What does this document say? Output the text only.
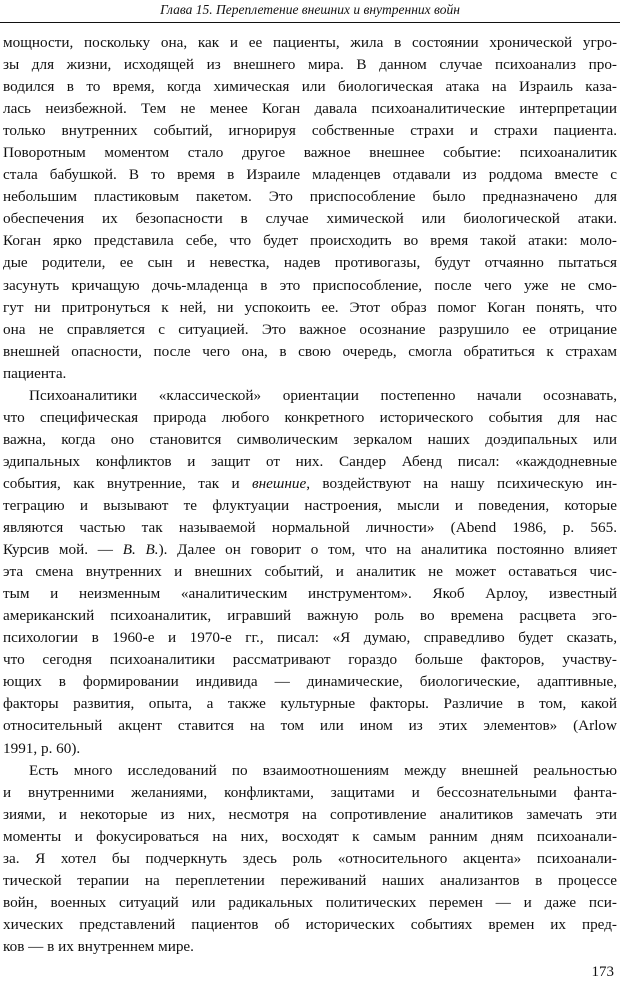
Глава 15. Переплетение внешних и внутренних войн
мощности, поскольку она, как и ее пациенты, жила в состоянии хронической угро-
зы для жизни, исходящей из внешнего мира. В данном случае психоанализ про-
водился в то время, когда химическая или биологическая атака на Израиль каза-
лась неизбежной. Тем не менее Коган давала психоаналитические интерпретации
только внутренних событий, игнорируя собственные страхи и страхи пациента.
Поворотным моментом стало другое важное внешнее событие: психоаналитик
стала бабушкой. В то время в Израиле младенцев отдавали из роддома вместе с
небольшим пластиковым пакетом. Это приспособление было предназначено для
обеспечения их безопасности в случае химической или биологической атаки.
Коган ярко представила себе, что будет происходить во время такой атаки: моло-
дые родители, ее сын и невестка, надев противогазы, будут отчаянно пытаться
засунуть кричащую дочь-младенца в это приспособление, после чего уже не смо-
гут ни притронуться к ней, ни успокоить ее. Этот образ помог Коган понять, что
она не справляется с ситуацией. Это важное осознание разрушило ее отрицание
внешней опасности, после чего она, в свою очередь, смогла обратиться к страхам
пациента.
Психоаналитики «классической» ориентации постепенно начали осознавать,
что специфическая природа любого конкретного исторического события для нас
важна, когда оно становится символическим зеркалом наших доэдипальных или
эдипальных конфликтов и защит от них. Сандер Абенд писал: «каждодневные
события, как внутренние, так и внешние, воздействуют на нашу психическую ин-
теграцию и вызывают те флуктуации настроения, мысли и поведения, которые
являются частью так называемой нормальной личности» (Abend 1986, p. 565.
Курсив мой. — В. В.). Далее он говорит о том, что на аналитика постоянно влияет
эта смена внутренних и внешних событий, и аналитик не может оставаться чис-
тым и неизменным «аналитическим инструментом». Якоб Арлоу, известный
американский психоаналитик, игравший важную роль во времена расцвета эго-
психологии в 1960-е и 1970-е гг., писал: «Я думаю, справедливо будет сказать,
что сегодня психоаналитики рассматривают гораздо больше факторов, участву-
ющих в формировании индивида — динамические, биологические, адаптивные,
факторы развития, опыта, а также культурные факторы. Различие в том, какой
относительный акцент ставится на том или ином из этих элементов» (Arlow
1991, p. 60).
Есть много исследований по взаимоотношениям между внешней реальностью
и внутренними желаниями, конфликтами, защитами и бессознательными фанта-
зиями, и некоторые из них, несмотря на сопротивление аналитиков замечать эти
моменты и фокусироваться на них, восходят к самым ранним дням психоанали-
за. Я хотел бы подчеркнуть здесь роль «относительного акцента» психоанали-
тической терапии на переплетении переживаний наших анализантов в процессе
войн, военных ситуаций или радикальных политических перемен — и даже пси-
хических представлений пациентов об исторических событиях времен их пред-
ков — в их внутреннем мире.
173
